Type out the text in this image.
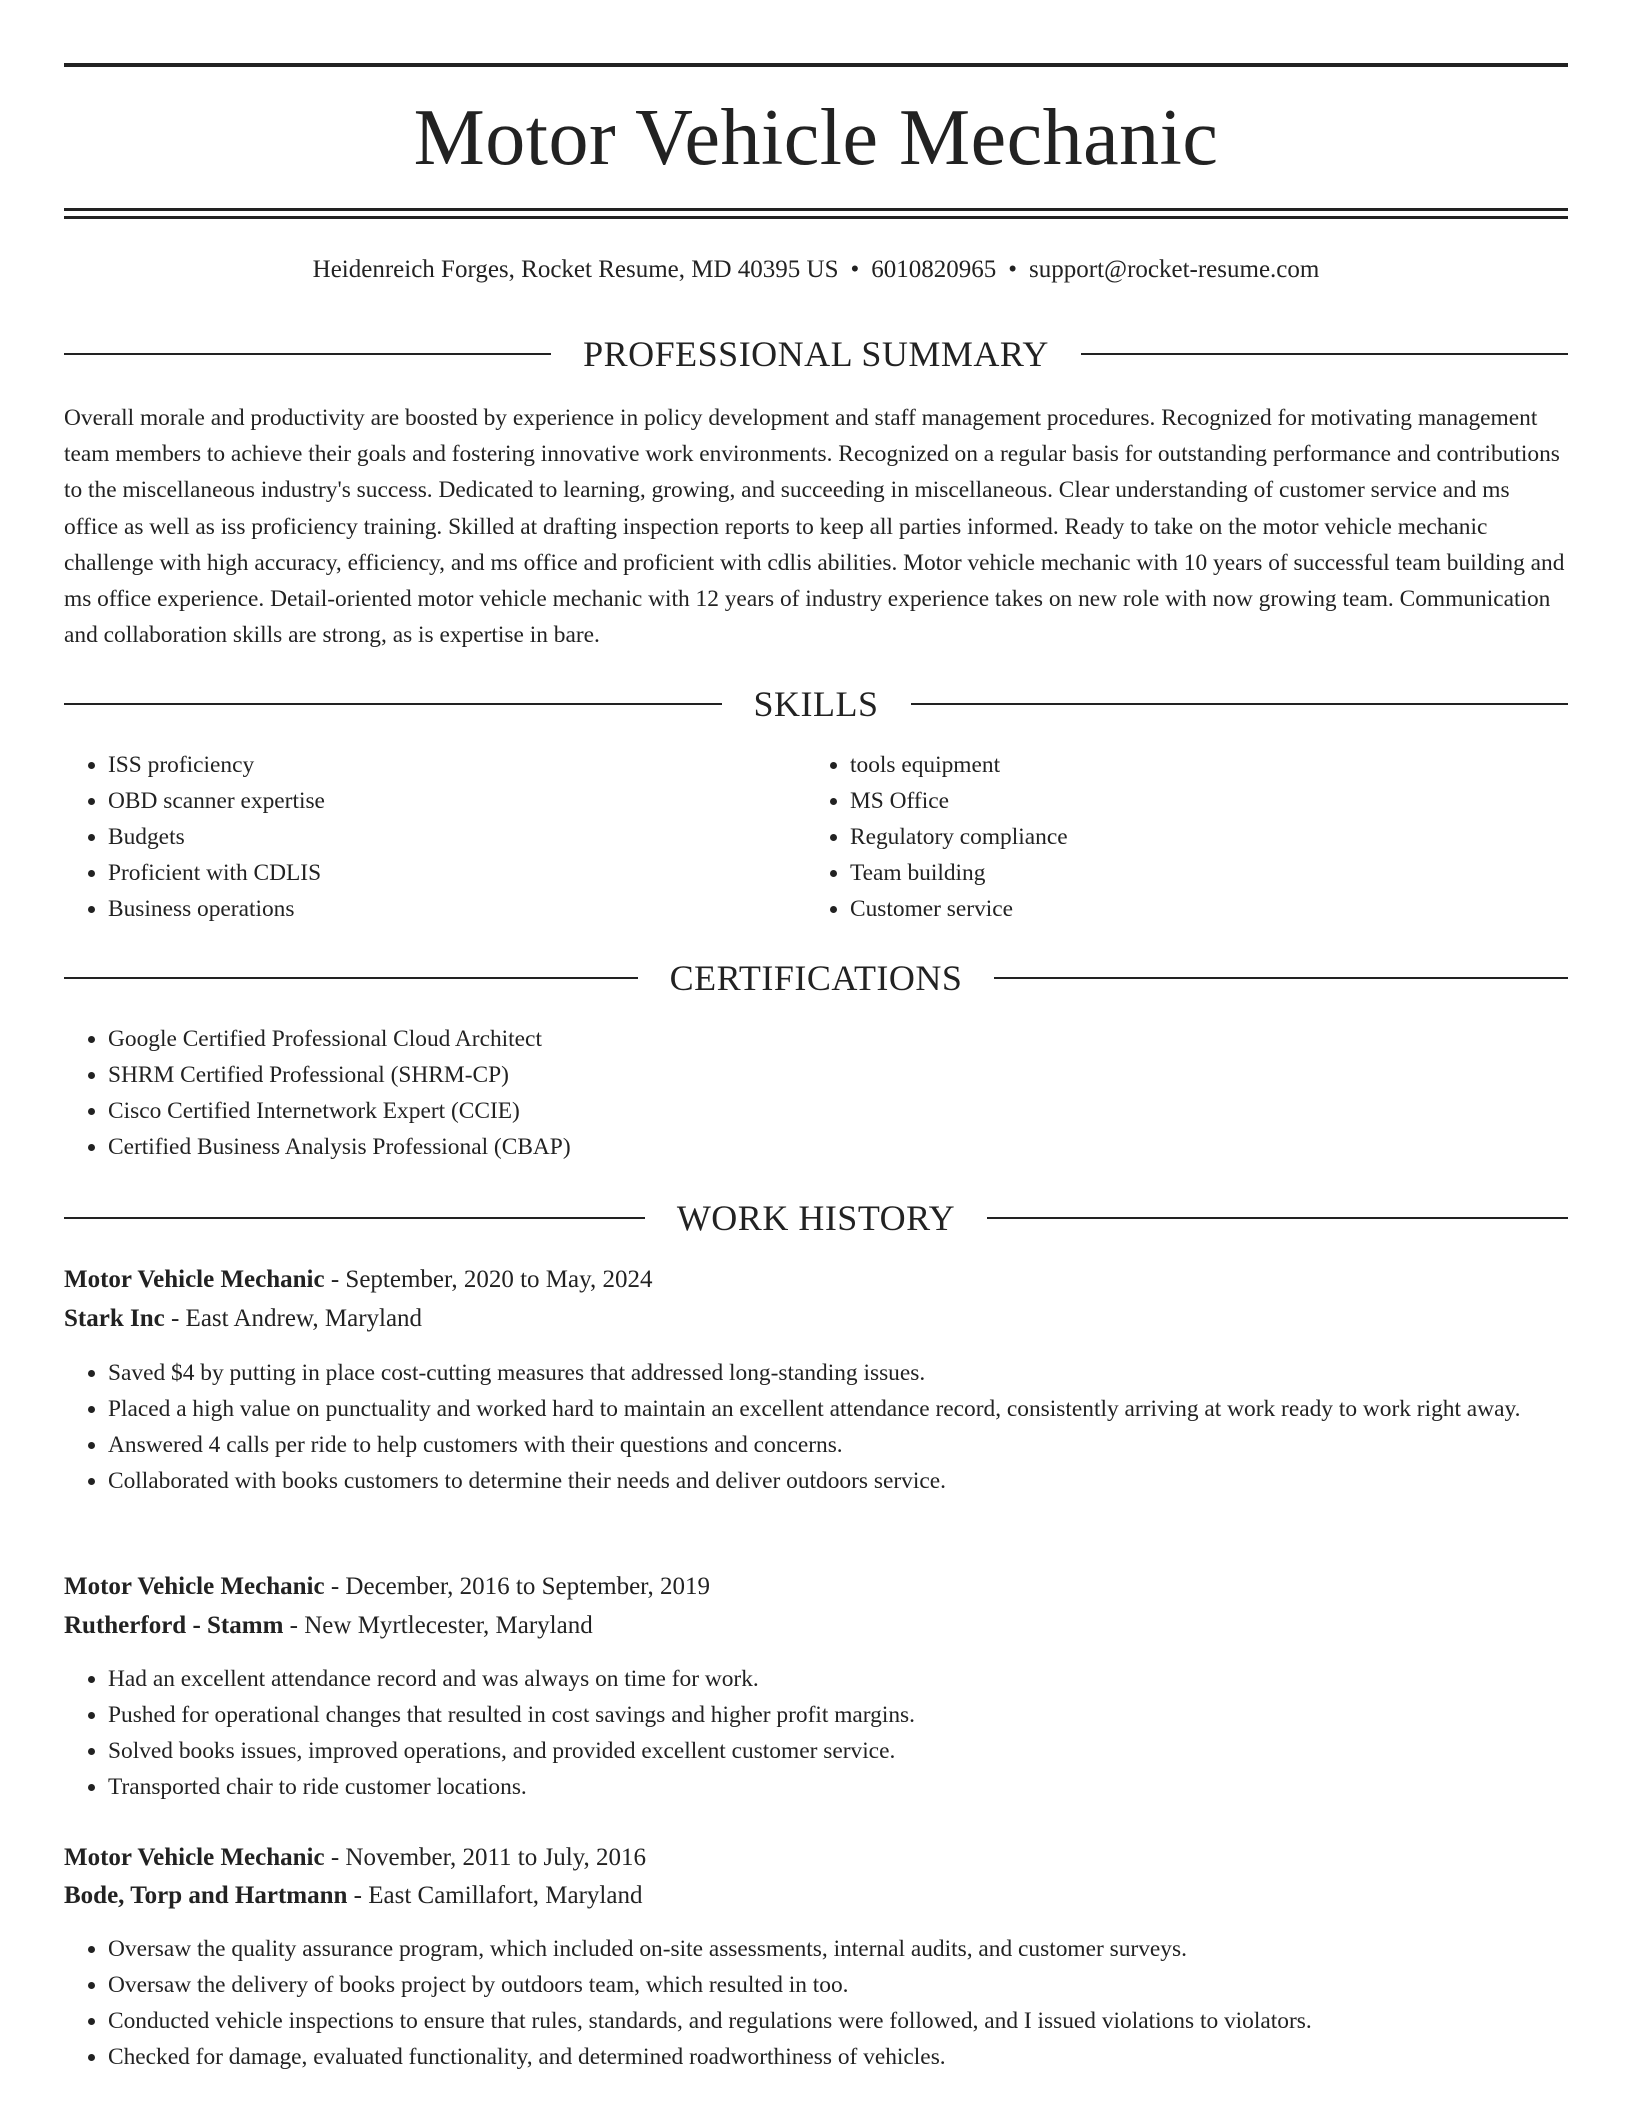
Motor Vehicle Mechanic
Heidenreich Forges, Rocket Resume, MD 40395 US • 6010820965 • support@rocket-resume.com
PROFESSIONAL SUMMARY

Overall morale and productivity are boosted by experience in policy development and staff management procedures. Recognized for motivating management team members to achieve their goals and fostering innovative work environments. Recognized on a regular basis for outstanding performance and contributions to the miscellaneous industry's success. Dedicated to learning, growing, and succeeding in miscellaneous. Clear understanding of customer service and ms office as well as iss proficiency training. Skilled at drafting inspection reports to keep all parties informed. Ready to take on the motor vehicle mechanic challenge with high accuracy, efficiency, and ms office and proficient with cdlis abilities. Motor vehicle mechanic with 10 years of successful team building and ms office experience. Detail-oriented motor vehicle mechanic with 12 years of industry experience takes on new role with now growing team. Communication and collaboration skills are strong, as is expertise in bare.

SKILLS
• ISS proficiency
• OBD scanner expertise
• Budgets
• Proficient with CDLIS
• Business operations
• tools equipment
• MS Office
• Regulatory compliance
• Team building
• Customer service
CERTIFICATIONS
• Google Certified Professional Cloud Architect
• SHRM Certified Professional (SHRM-CP)
• Cisco Certified Internetwork Expert (CCIE)
• Certified Business Analysis Professional (CBAP)
WORK HISTORY
Motor Vehicle Mechanic - September, 2020 to May, 2024
Stark Inc - East Andrew, Maryland
• Saved $4 by putting in place cost-cutting measures that addressed long-standing issues.
• Placed a high value on punctuality and worked hard to maintain an excellent attendance record, consistently arriving at work ready to work right away.
• Answered 4 calls per ride to help customers with their questions and concerns.
• Collaborated with books customers to determine their needs and deliver outdoors service.
Motor Vehicle Mechanic - December, 2016 to September, 2019
Rutherford - Stamm - New Myrtlecester, Maryland
• Had an excellent attendance record and was always on time for work.
• Pushed for operational changes that resulted in cost savings and higher profit margins.
• Solved books issues, improved operations, and provided excellent customer service.
• Transported chair to ride customer locations.
Motor Vehicle Mechanic - November, 2011 to July, 2016
Bode, Torp and Hartmann - East Camillafort, Maryland
• Oversaw the quality assurance program, which included on-site assessments, internal audits, and customer surveys.
• Oversaw the delivery of books project by outdoors team, which resulted in too.
• Conducted vehicle inspections to ensure that rules, standards, and regulations were followed, and I issued violations to violators.
• Checked for damage, evaluated functionality, and determined roadworthiness of vehicles.
